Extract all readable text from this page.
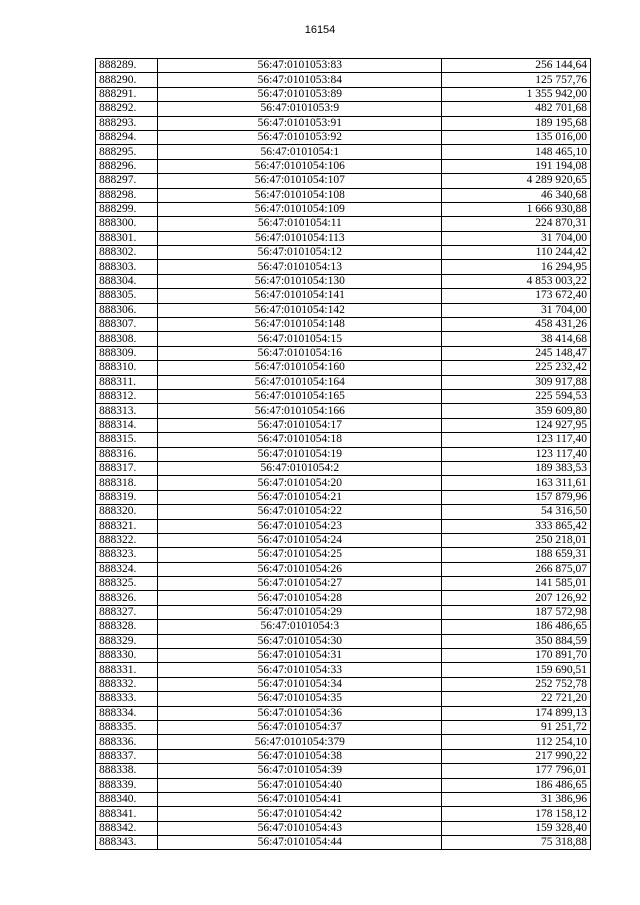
16154
888289.	56:47:0101053:83	256 144,64
888290.	56:47:0101053:84	125 757,76
888291.	56:47:0101053:89	1 355 942,00
888292.	56:47:0101053:9	482 701,68
888293.	56:47:0101053:91	189 195,68
888294.	56:47:0101053:92	135 016,00
888295.	56:47:0101054:1	148 465,10
888296.	56:47:0101054:106	191 194,08
888297.	56:47:0101054:107	4 289 920,65
888298.	56:47:0101054:108	46 340,68
888299.	56:47:0101054:109	1 666 930,88
888300.	56:47:0101054:11	224 870,31
888301.	56:47:0101054:113	31 704,00
888302.	56:47:0101054:12	110 244,42
888303.	56:47:0101054:13	16 294,95
888304.	56:47:0101054:130	4 853 003,22
888305.	56:47:0101054:141	173 672,40
888306.	56:47:0101054:142	31 704,00
888307.	56:47:0101054:148	458 431,26
888308.	56:47:0101054:15	38 414,68
888309.	56:47:0101054:16	245 148,47
888310.	56:47:0101054:160	225 232,42
888311.	56:47:0101054:164	309 917,88
888312.	56:47:0101054:165	225 594,53
888313.	56:47:0101054:166	359 609,80
888314.	56:47:0101054:17	124 927,95
888315.	56:47:0101054:18	123 117,40
888316.	56:47:0101054:19	123 117,40
888317.	56:47:0101054:2	189 383,53
888318.	56:47:0101054:20	163 311,61
888319.	56:47:0101054:21	157 879,96
888320.	56:47:0101054:22	54 316,50
888321.	56:47:0101054:23	333 865,42
888322.	56:47:0101054:24	250 218,01
888323.	56:47:0101054:25	188 659,31
888324.	56:47:0101054:26	266 875,07
888325.	56:47:0101054:27	141 585,01
888326.	56:47:0101054:28	207 126,92
888327.	56:47:0101054:29	187 572,98
888328.	56:47:0101054:3	186 486,65
888329.	56:47:0101054:30	350 884,59
888330.	56:47:0101054:31	170 891,70
888331.	56:47:0101054:33	159 690,51
888332.	56:47:0101054:34	252 752,78
888333.	56:47:0101054:35	22 721,20
888334.	56:47:0101054:36	174 899,13
888335.	56:47:0101054:37	91 251,72
888336.	56:47:0101054:379	112 254,10
888337.	56:47:0101054:38	217 990,22
888338.	56:47:0101054:39	177 796,01
888339.	56:47:0101054:40	186 486,65
888340.	56:47:0101054:41	31 386,96
888341.	56:47:0101054:42	178 158,12
888342.	56:47:0101054:43	159 328,40
888343.	56:47:0101054:44	75 318,88
